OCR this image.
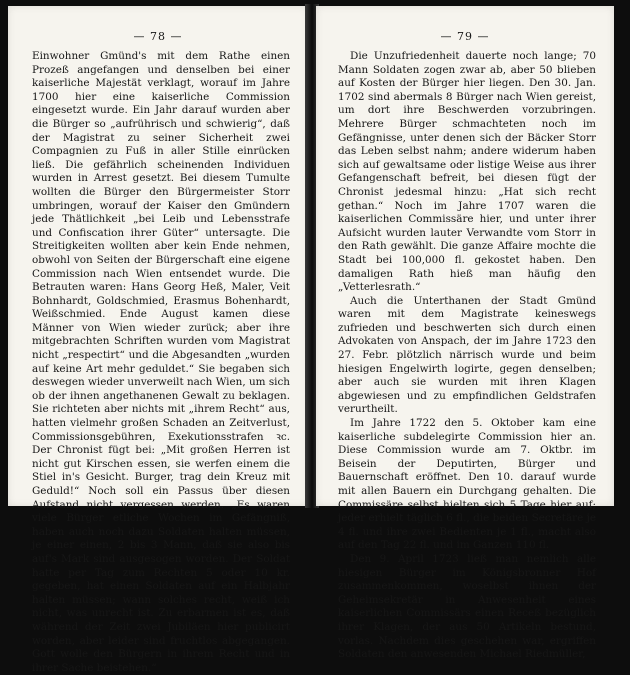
— 78 —

Einwohner Gmünd's mit dem Rathe einen Prozeß angefangen und denselben bei einer kaiserliche Majestät verklagt, worauf im Jahre 1700 hier eine kaiserliche Commission eingesetzt wurde. Ein Jahr darauf wurden aber die Bürger so „aufrührisch und schwierig“, daß der Magistrat zu seiner Sicherheit zwei Compagnien zu Fuß in aller Stille einrücken ließ. Die gefährlich scheinenden Individuen wurden in Arrest gesetzt. Bei diesem Tumulte wollten die Bürger den Bürgermeister Storr umbringen, worauf der Kaiser den Gmündern jede Thätlichkeit „bei Leib und Lebensstrafe und Confiscation ihrer Güter“ untersagte. Die Streitigkeiten wollten aber kein Ende nehmen, obwohl von Seiten der Bürgerschaft eine eigene Commission nach Wien entsendet wurde. Die Betrauten waren: Hans Georg Heß, Maler, Veit Bohnhardt, Goldschmied, Erasmus Bohenhardt, Weißschmied. Ende August kamen diese Männer von Wien wieder zurück; aber ihre mitgebrachten Schriften wurden vom Magistrat nicht „respectirt“ und die Abgesandten „wurden auf keine Art mehr geduldet.“ Sie begaben sich deswegen wieder unverweilt nach Wien, um sich ob der ihnen angethanenen Gewalt zu beklagen. Sie richteten aber nichts mit „ihrem Recht“ aus, hatten vielmehr großen Schaden an Zeitverlust, Commissionsgebühren, Exekutionsstrafen ꝛc. Der Chronist fügt bei: „Mit großen Herren ist nicht gut Kirschen essen, sie werfen einem die Stiel in's Gesicht. Burger, trag dein Kreuz mit Geduld!“ Noch soll ein Passus über diesen Aufstand nicht vergessen werden. „Es waren viele Bürger etliche Wochen im Gefängniß, haben auch noch dazu Soldaten halten müssen, je einer einen, 2 bis 3 Mann, daß sie also bis auf's Mark sind ausgesogen worden. Der Soldat hatte per Tag zum Rechten 5 oder 10 kr. gegeben, hat einen Soldaten auf ein Halbjahr halten müssen; wann solches recht, weiß ich nicht, was unrecht ist. Zu erbarmen ist es, daß während der Zeit zwei Jubiläen hier publicirt worden, aber leider sind fruchtlos abgegangen. Gott wolle den Bürgern in ihrem Recht und in ihrer Sache beistehen.“

— 79 —

Die Unzufriedenheit dauerte noch lange; 70 Mann Soldaten zogen zwar ab, aber 50 blieben auf Kosten der Bürger hier liegen. Den 30. Jan. 1702 sind abermals 8 Bürger nach Wien gereist, um dort ihre Beschwerden vorzubringen. Mehrere Bürger schmachteten noch im Gefängnisse, unter denen sich der Bäcker Storr das Leben selbst nahm; andere widerum haben sich auf gewaltsame oder listige Weise aus ihrer Gefangenschaft befreit, bei diesen fügt der Chronist jedesmal hinzu: „Hat sich recht gethan.“ Noch im Jahre 1707 waren die kaiserlichen Commissäre hier, und unter ihrer Aufsicht wurden lauter Verwandte vom Storr in den Rath gewählt. Die ganze Affaire mochte die Stadt bei 100,000 fl. gekostet haben. Den damaligen Rath hieß man häufig den „Vetterlesrath.“

Auch die Unterthanen der Stadt Gmünd waren mit dem Magistrate keineswegs zufrieden und beschwerten sich durch einen Advokaten von Anspach, der im Jahre 1723 den 27. Febr. plötzlich närrisch wurde und beim hiesigen Engelwirth logirte, gegen denselben; aber auch sie wurden mit ihren Klagen abgewiesen und zu empfindlichen Geldstrafen verurtheilt.

Im Jahre 1722 den 5. Oktober kam eine kaiserliche subdelegirte Commission hier an. Diese Commission wurde am 7. Oktbr. im Beisein der Deputirten, Bürger und Bauernschaft eröffnet. Den 10. darauf wurde mit allen Bauern ein Durchgang gehalten. Die Commissäre selbst hielten sich 5 Tage hier auf; jeder erhielt täglich 6 fl., die beiden Secretäre je 4 fl. und ihre zwei Bedienten je 1 fl., macht also auf den Tag 22 fl. und im Ganzen 110 fl.

Den 9. April 1723 ließ man nemlich alle hiesigen Bürger im Königsbronner Hof zusammenkommen, woselbst ihnen der Geheimsekretär in Anwesenheit eines kaiserlichen Commissärs einen Receß bezüglich ihrer Klagen, der aus 50 Artikeln bestund, vorlas. Nachdem dies geschehen war, ergriffen Soldaten den anwesenden Michael Riedmüller,
